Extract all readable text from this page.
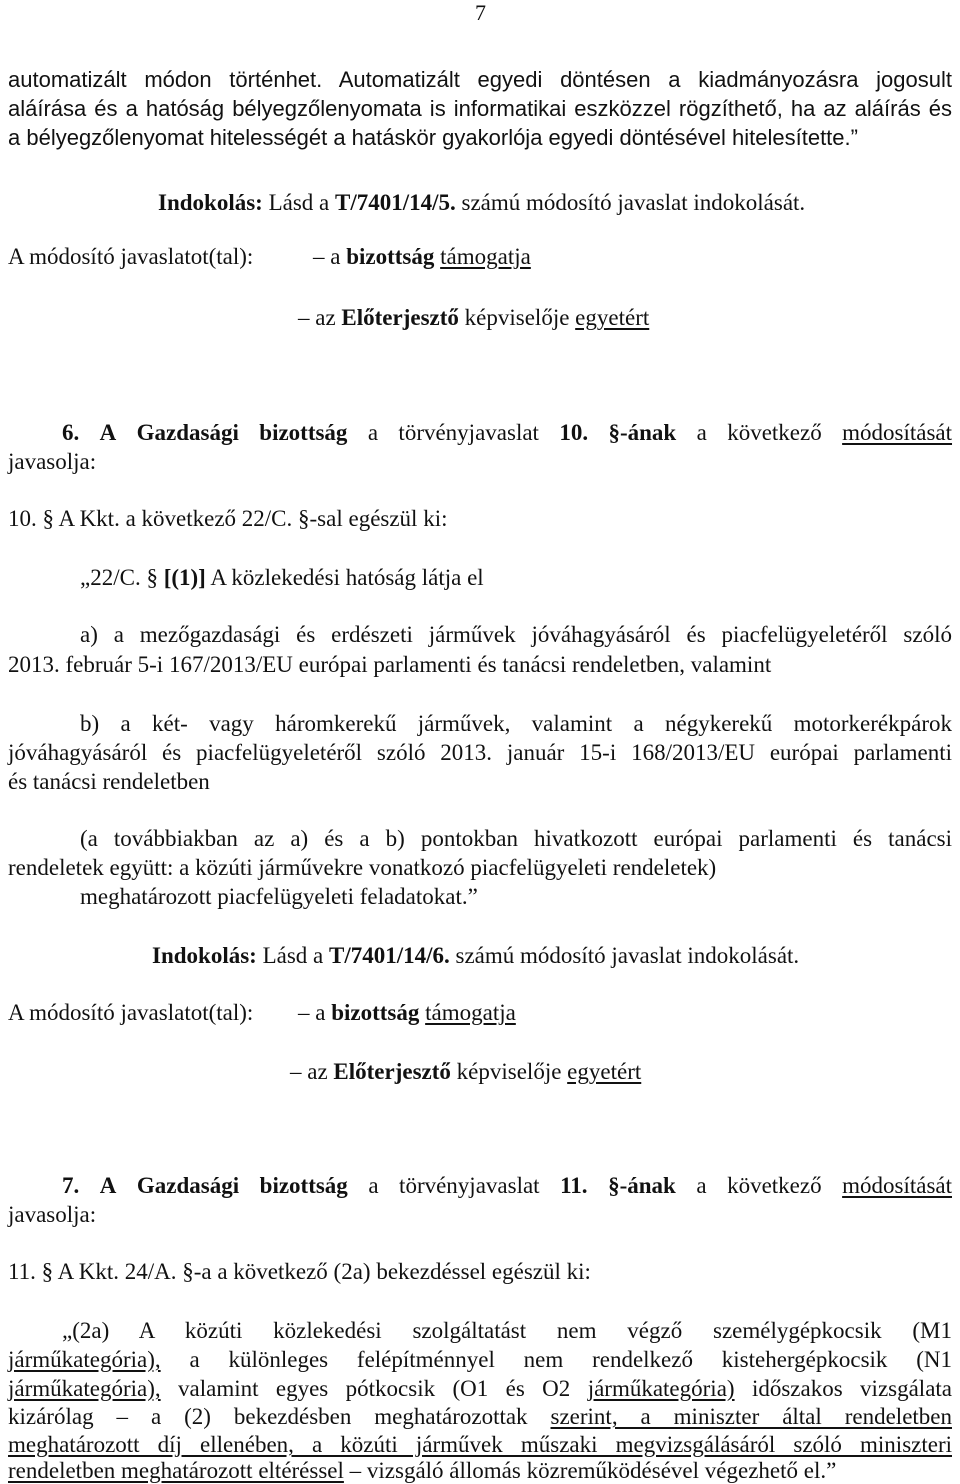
7
automatizált módon történhet. Automatizált egyedi döntésen a kiadmányozásra jogosult
aláírása és a hatóság bélyegzőlenyomata is informatikai eszközzel rögzíthető, ha az aláírás és
a bélyegzőlenyomat hitelességét a hatáskör gyakorlója egyedi döntésével hitelesítette.”
Indokolás: Lásd a T/7401/14/5. számú módosító javaslat indokolását.
A módosító javaslatot(tal):	– a bizottság támogatja
– az Előterjesztő képviselője egyetért
6. A Gazdasági bizottság a törvényjavaslat 10. §-ának a következő módosítását
javasolja:
10. § A Kkt. a következő 22/C. §-sal egészül ki:
„22/C. § [(1)] A közlekedési hatóság látja el
a) a mezőgazdasági és erdészeti járművek jóváhagyásáról és piacfelügyeletéről szóló
2013. február 5-i 167/2013/EU európai parlamenti és tanácsi rendeletben, valamint
b) a két- vagy háromkerekű járművek, valamint a négykerekű motorkerékpárok
jóváhagyásáról és piacfelügyeletéről szóló 2013. január 15-i 168/2013/EU európai parlamenti
és tanácsi rendeletben
(a továbbiakban az a) és a b) pontokban hivatkozott európai parlamenti és tanácsi
rendeletek együtt: a közúti járművekre vonatkozó piacfelügyeleti rendeletek)
meghatározott piacfelügyeleti feladatokat.”
Indokolás: Lásd a T/7401/14/6. számú módosító javaslat indokolását.
A módosító javaslatot(tal): – a bizottság támogatja
– az Előterjesztő képviselője egyetért
7. A Gazdasági bizottság a törvényjavaslat 11. §-ának a következő módosítását
javasolja:
11. § A Kkt. 24/A. §-a a következő (2a) bekezdéssel egészül ki:
„(2a) A közúti közlekedési szolgáltatást nem végző személygépkocsik (M1
járműkategória), a különleges felépítménnyel nem rendelkező kistehergépkocsik (N1
járműkategória), valamint egyes pótkocsik (O1 és O2 járműkategória) időszakos vizsgálata
kizárólag – a (2) bekezdésben meghatározottak szerint, a miniszter által rendeletben
meghatározott díj ellenében, a közúti járművek műszaki megvizsgálásáról szóló miniszteri
rendeletben meghatározott eltéréssel – vizsgáló állomás közreműködésével végezhető el.”
